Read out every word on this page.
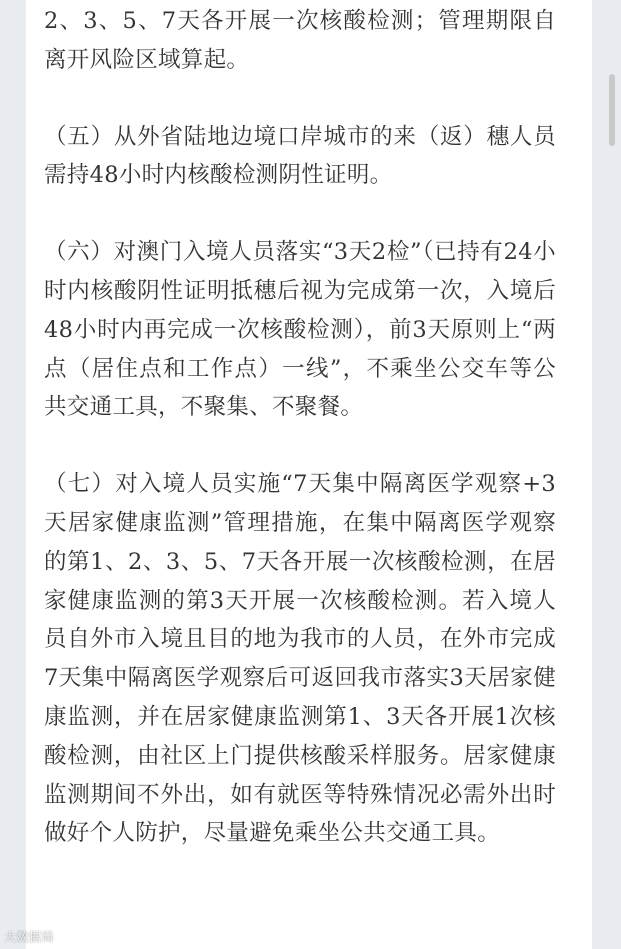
2、3、5、7天各开展一次核酸检测；管理期限自离开风险区域算起。

（五）从外省陆地边境口岸城市的来（返）穗人员需持48小时内核酸检测阴性证明。

（六）对澳门入境人员落实“3天2检”（已持有24小时内核酸阴性证明抵穗后视为完成第一次，入境后48小时内再完成一次核酸检测），前3天原则上“两点（居住点和工作点）一线”，不乘坐公交车等公共交通工具，不聚集、不聚餐。

（七）对入境人员实施“7天集中隔离医学观察+3天居家健康监测”管理措施，在集中隔离医学观察的第1、2、3、5、7天各开展一次核酸检测，在居家健康监测的第3天开展一次核酸检测。若入境人员自外市入境且目的地为我市的人员，在外市完成7天集中隔离医学观察后可返回我市落实3天居家健康监测，并在居家健康监测第1、3天各开展1次核酸检测，由社区上门提供核酸采样服务。居家健康监测期间不外出，如有就医等特殊情况必需外出时做好个人防护，尽量避免乘坐公共交通工具。

大数据局
